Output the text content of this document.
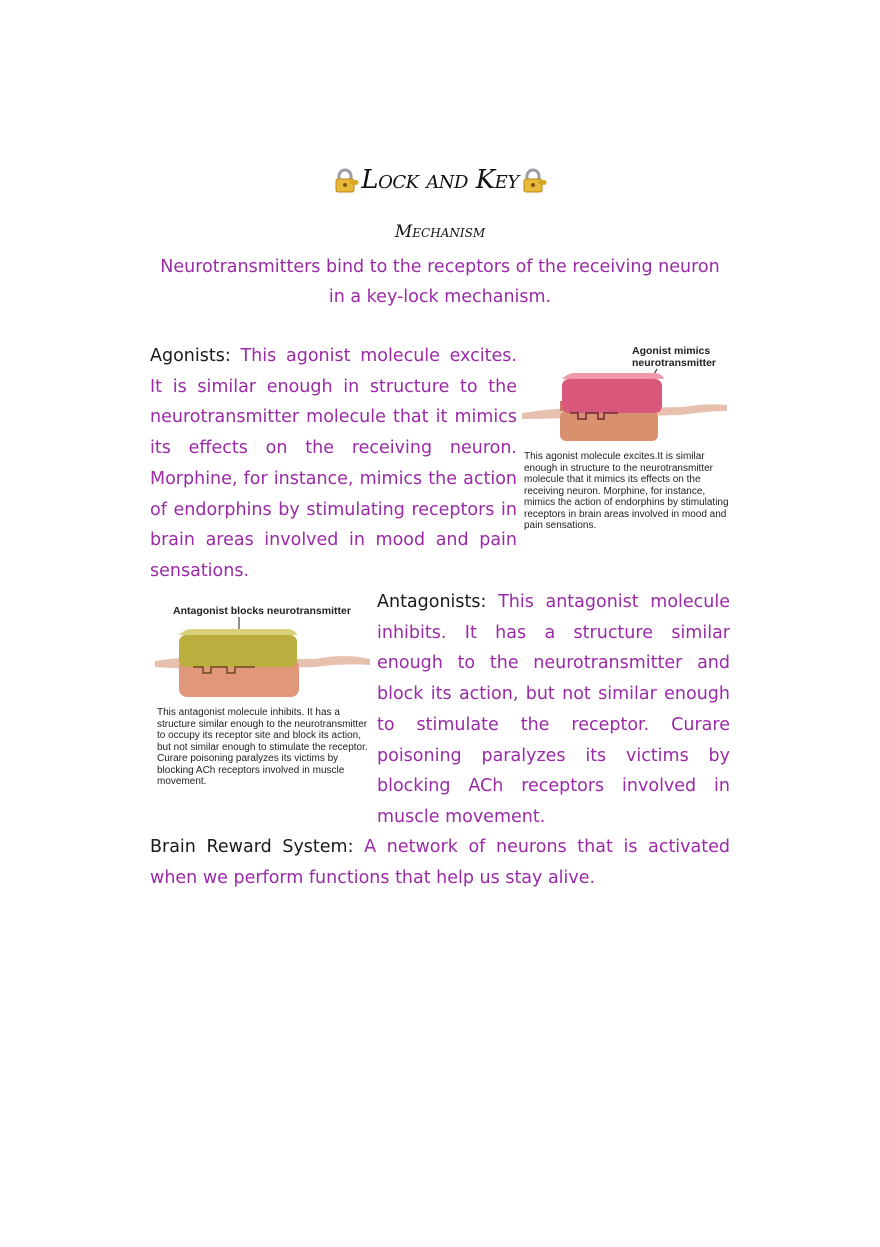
Lock and Key
Mechanism
Neurotransmitters bind to the receptors of the receiving neuron in a key-lock mechanism.
Agonists: This agonist molecule excites. It is similar enough in structure to the neurotransmitter molecule that it mimics its effects on the receiving neuron. Morphine, for instance, mimics the action of endorphins by stimulating receptors in brain areas involved in mood and pain sensations.
Agonist mimics neurotransmitter
This agonist molecule excites.It is similar enough in structure to the neurotransmitter molecule that it mimics its effects on the receiving neuron. Morphine, for instance, mimics the action of endorphins by stimulating receptors in brain areas involved in mood and pain sensations.
Antagonist blocks neurotransmitter
This antagonist molecule inhibits. It has a structure similar enough to the neurotransmitter to occupy its receptor site and block its action, but not similar enough to stimulate the receptor. Curare poisoning paralyzes its victims by blocking ACh receptors involved in muscle movement.
Antagonists: This antagonist molecule inhibits. It has a structure similar enough to the neurotransmitter and block its action, but not similar enough to stimulate the receptor. Curare poisoning paralyzes its victims by blocking ACh receptors involved in muscle movement.
Brain Reward System: A network of neurons that is activated when we perform functions that help us stay alive.
